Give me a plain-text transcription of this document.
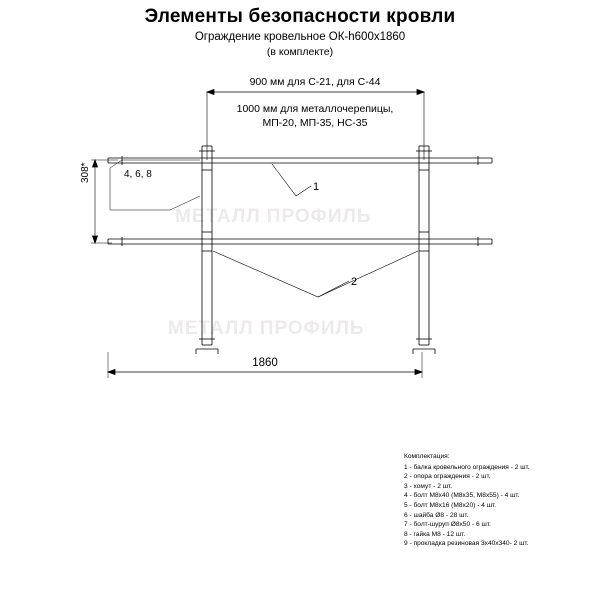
Элементы безопасности кровли
Ограждение кровельное ОК-h600х1860
(в комплекте)
МЕТАЛЛ ПРОФИЛЬ
МЕТАЛЛ ПРОФИЛЬ
900 мм для С-21, для С-44
1000 мм для металлочерепицы,
МП-20, МП-35, НС-35
1860
4, 6, 8
308*
1
2
Комплектация:
1 - балка кровельного ограждения - 2 шт.
2 - опора ограждения - 2 шт.
3 - хомут - 2 шт.
4 - болт М8х40 (М8х35, М8х55) - 4 шт.
5 - болт М8х16 (М8х20) - 4 шт.
6 - шайба Ø8 - 28 шт.
7 - болт-шуруп Ø8х50 - 6 шт.
8 - гайка М8 - 12 шт.
9 - прокладка резиновая 3х40х340- 2 шт.
